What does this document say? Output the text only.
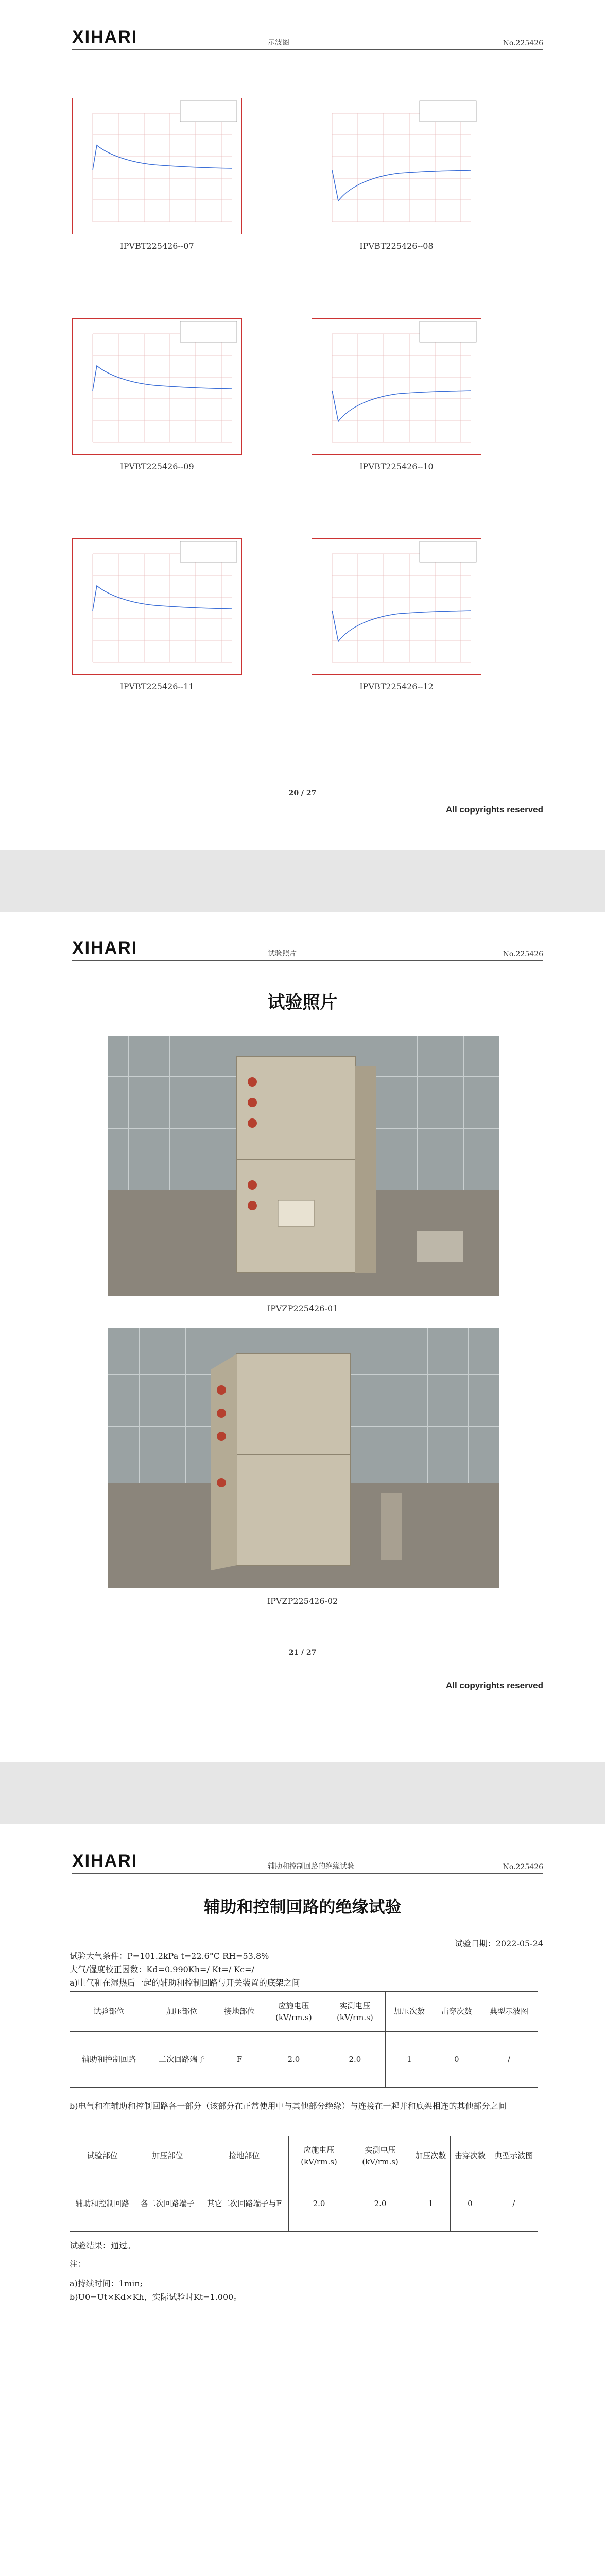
XIHARI	示波图	No.225426
IPVBT225426--07	IPVBT225426--08
IPVBT225426--09	IPVBT225426--10
IPVBT225426--11	IPVBT225426--12
20 / 27
All copyrights reserved
XIHARI	试验照片	No.225426
试验照片
IPVZP225426-01
IPVZP225426-02
21 / 27
All copyrights reserved
XIHARI	辅助和控制回路的绝缘试验	No.225426
辅助和控制回路的绝缘试验
试验日期：2022-05-24
试验大气条件：P=101.2kPa t=22.6°C RH=53.8%
大气/湿度校正因数：Kd=0.990Kh=/ Kt=/ Kc=/
a)电气和在湿热后一起的辅助和控制回路与开关装置的底架之间
试验部位	加压部位	接地部位	应施电压 (kV/rm.s)	实测电压 (kV/rm.s)	加压次数	击穿次数	典型示波图
辅助和控制回路	二次回路端子	F	2.0	2.0	1	0	/
b)电气和在辅助和控制回路各一部分（该部分在正常使用中与其他部分绝缘）与连接在一起并和底架相连的其他部分之间
试验部位	加压部位	接地部位	应施电压 (kV/rm.s)	实测电压 (kV/rm.s)	加压次数	击穿次数	典型示波图
辅助和控制回路	各二次回路端子	其它二次回路端子与F	2.0	2.0	1	0	/
试验结果：通过。
注：
a)持续时间：1min;
b)U0=Ut×Kd×Kh，实际试验时Kt=1.000。
